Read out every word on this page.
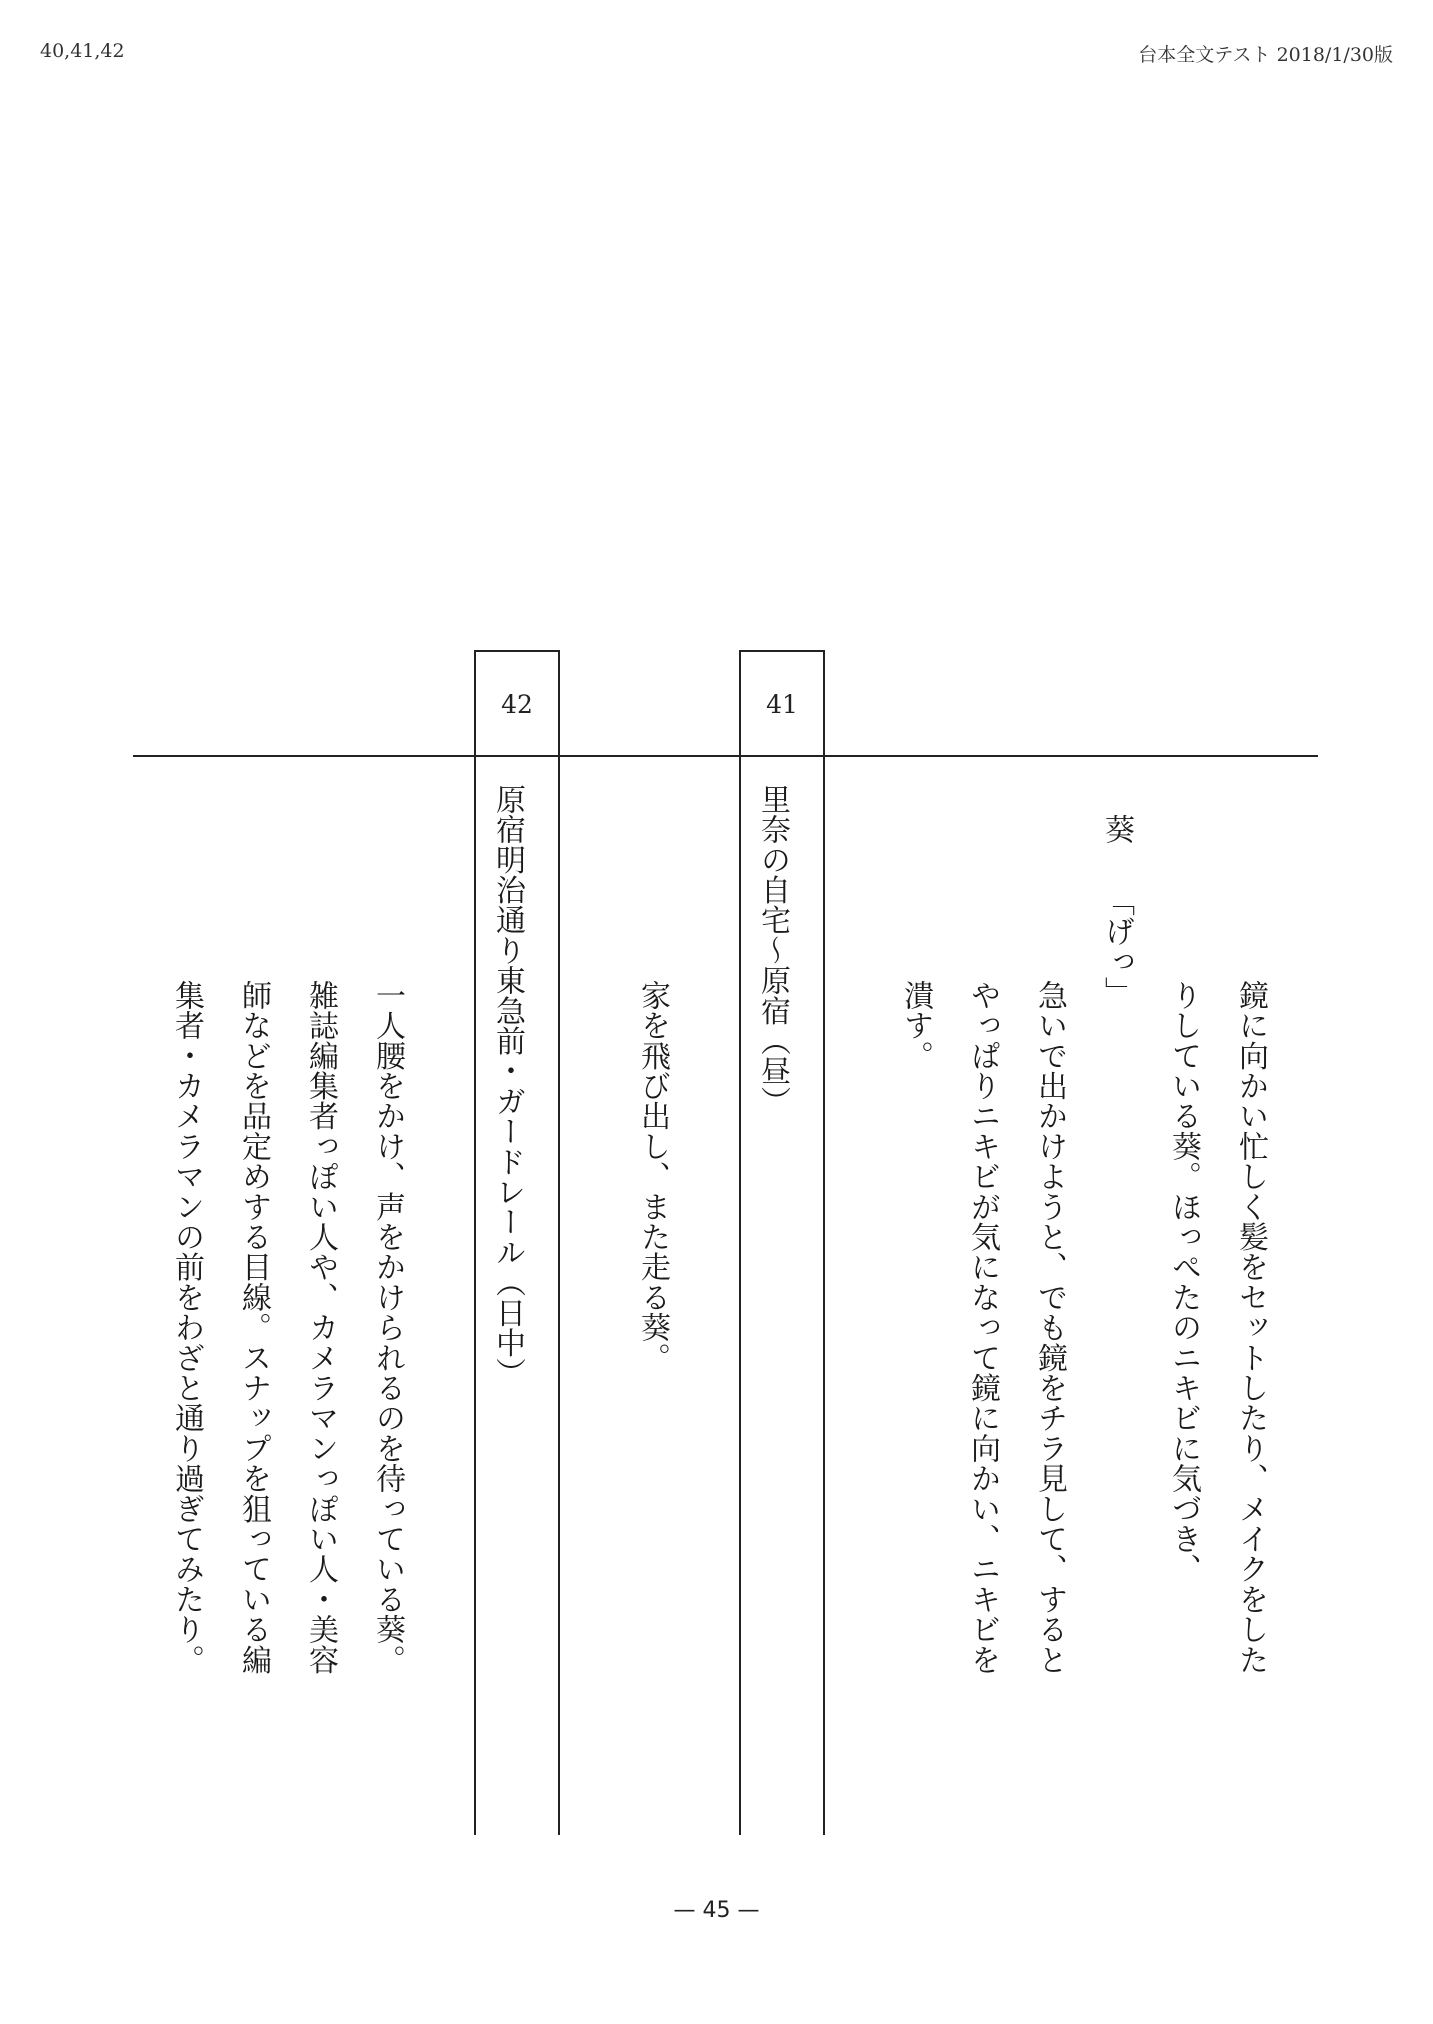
40,41,42	台本全文テスト 2018/1/30版
鏡に向かい忙しく髪をセットしたり、メイクをした
りしている葵。ほっぺたのニキビに気づき、
葵
「げっ」
急いで出かけようと、でも鏡をチラ見して、すると
やっぱりニキビが気になって鏡に向かい、ニキビを
潰す。
41
里奈の自宅～原宿（昼）
家を飛び出し、また走る葵。
42
原宿明治通り東急前・ガードレール（日中）
一人腰をかけ、声をかけられるのを待っている葵。
雑誌編集者っぽい人や、カメラマンっぽい人・美容
師などを品定めする目線。スナップを狙っている編
集者・カメラマンの前をわざと通り過ぎてみたり。
— 45 —
